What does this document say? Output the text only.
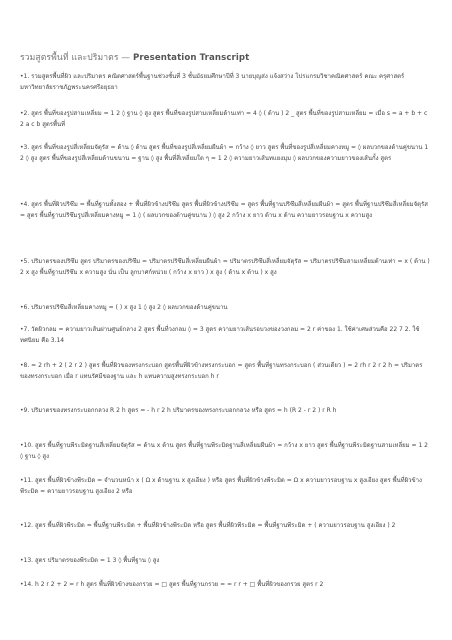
รวมสูตรพื้นที่ และปริมาตร — Presentation Transcript
•1. รวมสูตรพื้นที่ผิว และปริมาตร คณิตศาสตร์พื้นฐานช่วงชั้นที่ 3 ชั้นมัธยมศึกษาปีที่ 3 นายบุญส่ง แจ้งสว่าง โปรแกรมวิชาคณิตศาสตร์ คณะ ครุศาสตร์ มหาวิทยาลัยราชภัฏพระนครศรีอยุธยา
•2. สูตร พื้นที่ของรูปสามเหลี่ยม = 1 2 ◊ ฐาน ◊ สูง สูตร พื้นที่ของรูปสามเหลี่ยมด้านเท่า = 4 ◊ ( ด้าน ) 2 _ สูตร พื้นที่ของรูปสามเหลี่ยม = เมื่อ s = a + b + c 2 a c b สูตรพื้นที่
•3. สูตร พื้นที่ของรูปสี่เหลี่ยมจัตุรัส = ด้าน ◊ ด้าน สูตร พื้นที่ของรูปสี่เหลี่ยมผืนผ้า = กว้าง ◊ ยาว สูตร พื้นที่ของรูปสี่เหลี่ยมคางหมู = ◊ ผลบวกของด้านคู่ขนาน 1 2 ◊ สูง สูตร พื้นที่ของรูปสี่เหลี่ยมด้านขนาน = ฐาน ◊ สูง พื้นที่สี่เหลี่ยมใด ๆ = 1 2 ◊ ความยาวเส้นทแยงมุม ◊ ผลบวกของความยาวของเส้นกั้ง สูตร
•4. สูตร พื้นที่ผิวปริซึม = พื้นที่ฐานทั้งสอง + พื้นที่ผิวข้างปริซึม สูตร พื้นที่ผิวข้างปริซึม = สูตร พื้นที่ฐานปริซึมสี่เหลี่ยมผืนผ้า = สูตร พื้นที่ฐานปริซึมสี่เหลี่ยมจัตุรัส = สูตร พื้นที่ฐานปริซึมรูปสี่เหลี่ยมคางหมู = 1 ◊ ( ผลบวกของด้านคู่ขนาน ) ◊ สูง 2 กว้าง x ยาว ด้าน x ด้าน ความยาวรอบฐาน x ความสูง
•5. ปริมาตรของปริซึม สูตร ปริมาตรของปริซึม = ปริมาตรปริซึมสี่เหลี่ยมผืนผ้า = ปริมาตรปริซึมสี่เหลี่ยมจัตุรัส = ปริมาตรปริซึมสามเหลี่ยมด้านเท่า = x ( ด้าน ) 2 x สูง พื้นที่ฐานปริซึม x ความสูง นั่น เป็น ลูกบาศก์หน่วย ( กว้าง x ยาว ) x สูง ( ด้าน x ด้าน ) x สูง
•6. ปริมาตรปริซึมสี่เหลี่ยมคางหมู = ( ) x สูง 1 ◊ สูง 2 ◊ ผลบวกของด้านคู่ขนาน
•7. วัดผิวกลม = ความยาวเส้นผ่านศูนย์กลาง 2 สูตร พื้นที่วงกลม ◊ = 3 สูตร ความยาวเส้นรอบวงของวงกลม = 2 r ค่าของ 1. ใช้ค่าเศษส่วนคือ 22 7 2. ใช้ทศนิยม คือ 3.14
•8. = 2 rh + 2 ( 2 r 2 ) สูตร พื้นที่ผิวของทรงกระบอก สูตรพื้นที่ผิวข้างทรงกระบอก = สูตร พื้นที่ฐานทรงกระบอก ( ส่วนเดียว ) = 2 rh r 2 r 2 h = ปริมาตรของทรงกระบอก เมื่อ r แทนรัศมีของฐาน และ h แทนความสูงทรงกระบอก h r
•9. ปริมาตรของทรงกระบอกกลวง R 2 h สูตร = - h r 2 h ปริมาตรของทรงกระบอกกลวง หรือ สูตร = h (R 2 - r 2 ) r R h
•10. สูตร พื้นที่ฐานพีระมิดฐานสี่เหลี่ยมจัตุรัส = ด้าน x ด้าน สูตร พื้นที่ฐานพีระมิดฐานสี่เหลี่ยมผืนผ้า = กว้าง x ยาว สูตร พื้นที่ฐานพีระมิดฐานสามเหลี่ยม = 1 2 ◊ ฐาน ◊ สูง
•11. สูตร พื้นที่ผิวข้างพีระมิด = จำนวนหน้า x ( Ω x ด้านฐาน x สูงเอียง ) หรือ สูตร พื้นที่ผิวข้างพีระมิด = Ω x ความยาวรอบฐาน x สูงเอียง สูตร พื้นที่ผิวข้างพีระมิด = ความยาวรอบฐาน สูงเอียง 2 หรือ
•12. สูตร พื้นที่ผิวพีระมิด = พื้นที่ฐานพีระมิด + พื้นที่ผิวข้างพีระมิด หรือ สูตร พื้นที่ผิวพีระมิด = พื้นที่ฐานพีระมิด + ( ความยาวรอบฐาน สูงเอียง ) 2
•13. สูตร ปริมาตรของพีระมิด = 1 3 ◊ พื้นที่ฐาน ◊ สูง
•14. h 2 r 2 + 2 = r h สูตร พื้นที่ผิวข้างของกรวย = □ สูตร พื้นที่ฐานกรวย = = r r + □ พื้นที่ผิวของกรวย สูตร r 2
